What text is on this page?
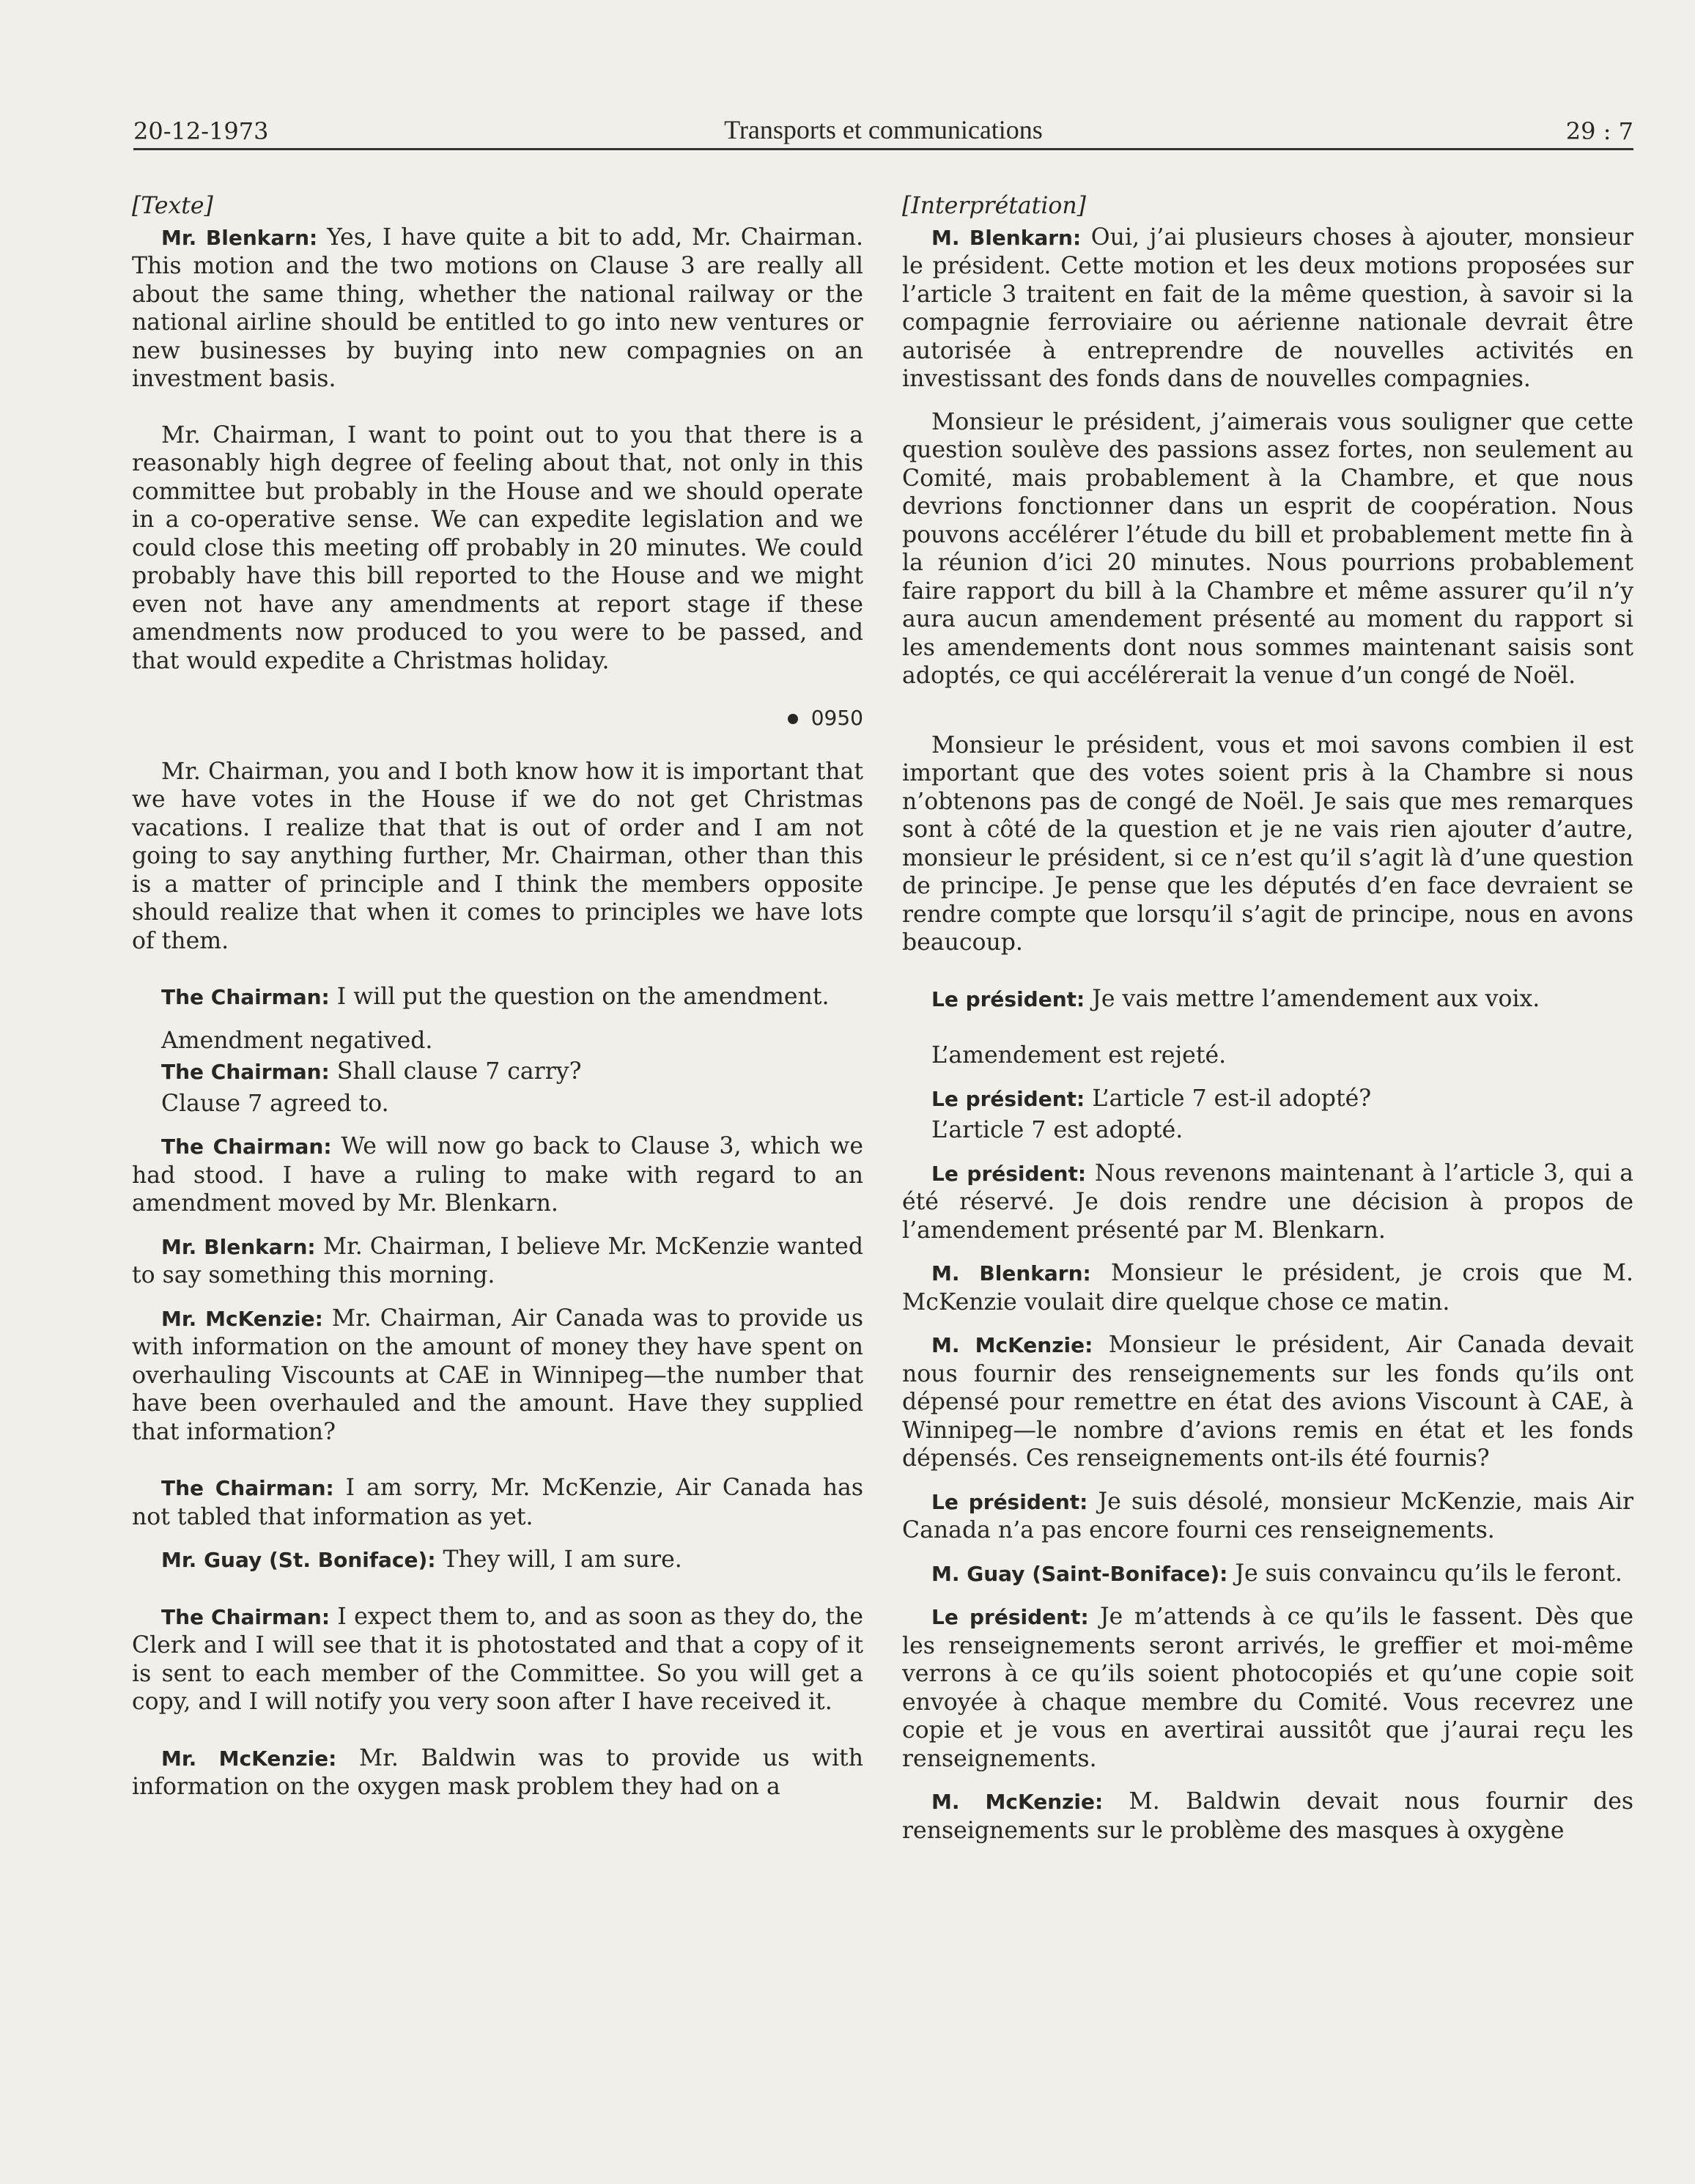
20-12-1973	Transports et communications	29 : 7

[Texte]

Mr. Blenkarn: Yes, I have quite a bit to add, Mr. Chairman. This motion and the two motions on Clause 3 are really all about the same thing, whether the national railway or the national airline should be entitled to go into new ventures or new businesses by buying into new compagnies on an investment basis.

Mr. Chairman, I want to point out to you that there is a reasonably high degree of feeling about that, not only in this committee but probably in the House and we should operate in a co-operative sense. We can expedite legislation and we could close this meeting off probably in 20 minutes. We could probably have this bill reported to the House and we might even not have any amendments at report stage if these amendments now produced to you were to be passed, and that would expedite a Christmas holiday.

0950

Mr. Chairman, you and I both know how it is important that we have votes in the House if we do not get Christmas vacations. I realize that that is out of order and I am not going to say anything further, Mr. Chairman, other than this is a matter of principle and I think the members opposite should realize that when it comes to principles we have lots of them.

The Chairman: I will put the question on the amendment.

Amendment negatived.

The Chairman: Shall clause 7 carry?

Clause 7 agreed to.

The Chairman: We will now go back to Clause 3, which we had stood. I have a ruling to make with regard to an amendment moved by Mr. Blenkarn.

Mr. Blenkarn: Mr. Chairman, I believe Mr. McKenzie wanted to say something this morning.

Mr. McKenzie: Mr. Chairman, Air Canada was to provide us with information on the amount of money they have spent on overhauling Viscounts at CAE in Winnipeg—the number that have been overhauled and the amount. Have they supplied that information?

The Chairman: I am sorry, Mr. McKenzie, Air Canada has not tabled that information as yet.

Mr. Guay (St. Boniface): They will, I am sure.

The Chairman: I expect them to, and as soon as they do, the Clerk and I will see that it is photostated and that a copy of it is sent to each member of the Committee. So you will get a copy, and I will notify you very soon after I have received it.

Mr. McKenzie: Mr. Baldwin was to provide us with information on the oxygen mask problem they had on a

[Interprétation]

M. Blenkarn: Oui, j’ai plusieurs choses à ajouter, monsieur le président. Cette motion et les deux motions proposées sur l’article 3 traitent en fait de la même question, à savoir si la compagnie ferroviaire ou aérienne nationale devrait être autorisée à entreprendre de nouvelles activités en investissant des fonds dans de nouvelles compagnies.

Monsieur le président, j’aimerais vous souligner que cette question soulève des passions assez fortes, non seulement au Comité, mais probablement à la Chambre, et que nous devrions fonctionner dans un esprit de coopération. Nous pouvons accélérer l’étude du bill et probablement mette fin à la réunion d’ici 20 minutes. Nous pourrions probablement faire rapport du bill à la Chambre et même assurer qu’il n’y aura aucun amendement présenté au moment du rapport si les amendements dont nous sommes maintenant saisis sont adoptés, ce qui accélérerait la venue d’un congé de Noël.

Monsieur le président, vous et moi savons combien il est important que des votes soient pris à la Chambre si nous n’obtenons pas de congé de Noël. Je sais que mes remarques sont à côté de la question et je ne vais rien ajouter d’autre, monsieur le président, si ce n’est qu’il s’agit là d’une question de principe. Je pense que les députés d’en face devraient se rendre compte que lorsqu’il s’agit de principe, nous en avons beaucoup.

Le président: Je vais mettre l’amendement aux voix.

L’amendement est rejeté.

Le président: L’article 7 est-il adopté?

L’article 7 est adopté.

Le président: Nous revenons maintenant à l’article 3, qui a été réservé. Je dois rendre une décision à propos de l’amendement présenté par M. Blenkarn.

M. Blenkarn: Monsieur le président, je crois que M. McKenzie voulait dire quelque chose ce matin.

M. McKenzie: Monsieur le président, Air Canada devait nous fournir des renseignements sur les fonds qu’ils ont dépensé pour remettre en état des avions Viscount à CAE, à Winnipeg—le nombre d’avions remis en état et les fonds dépensés. Ces renseignements ont-ils été fournis?

Le président: Je suis désolé, monsieur McKenzie, mais Air Canada n’a pas encore fourni ces renseignements.

M. Guay (Saint-Boniface): Je suis convaincu qu’ils le feront.

Le président: Je m’attends à ce qu’ils le fassent. Dès que les renseignements seront arrivés, le greffier et moi-même verrons à ce qu’ils soient photocopiés et qu’une copie soit envoyée à chaque membre du Comité. Vous recevrez une copie et je vous en avertirai aussitôt que j’aurai reçu les renseignements.

M. McKenzie: M. Baldwin devait nous fournir des renseignements sur le problème des masques à oxygène
